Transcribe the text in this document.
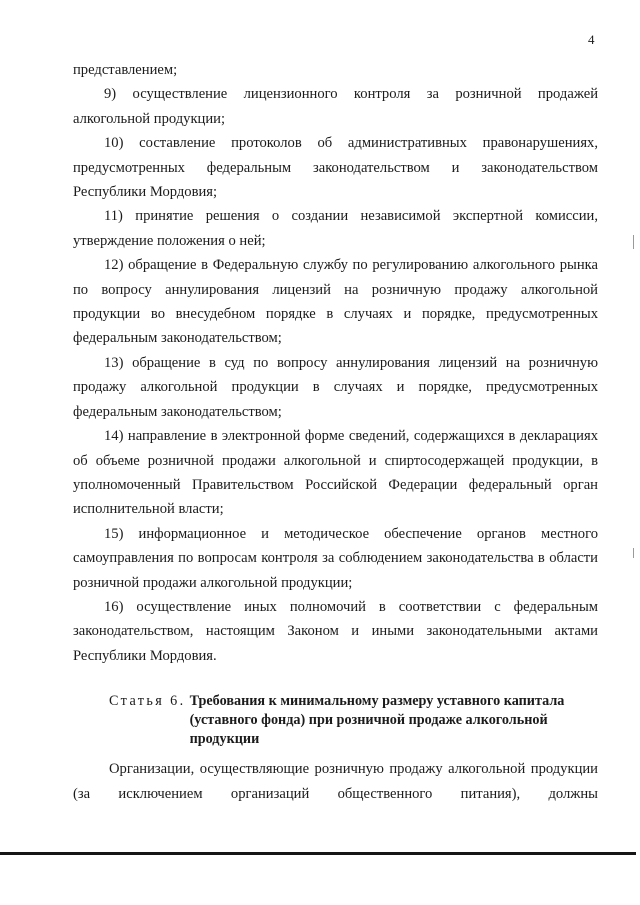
4

представлением;

9) осуществление лицензионного контроля за розничной продажей алкогольной продукции;

10) составление протоколов об административных правонарушениях, предусмотренных федеральным законодательством и законодательством Республики Мордовия;

11) принятие решения о создании независимой экспертной комиссии, утверждение положения о ней;

12) обращение в Федеральную службу по регулированию алкогольного рынка по вопросу аннулирования лицензий на розничную продажу алкогольной продукции во внесудебном порядке в случаях и порядке, предусмотренных федеральным законодательством;

13) обращение в суд по вопросу аннулирования лицензий на розничную продажу алкогольной продукции в случаях и порядке, предусмотренных федеральным законодательством;

14) направление в электронной форме сведений, содержащихся в декларациях об объеме розничной продажи алкогольной и спиртосодержащей продукции, в уполномоченный Правительством Российской Федерации федеральный орган исполнительной власти;

15) информационное и методическое обеспечение органов местного самоуправления по вопросам контроля за соблюдением законодательства в области розничной продажи алкогольной продукции;

16) осуществление иных полномочий в соответствии с федеральным законодательством, настоящим Законом и иными законодательными актами Республики Мордовия.

Статья 6. Требования к минимальному размеру уставного капитала (уставного фонда) при розничной продаже алкогольной продукции

Организации, осуществляющие розничную продажу алкогольной продукции (за исключением организаций общественного питания), должны
